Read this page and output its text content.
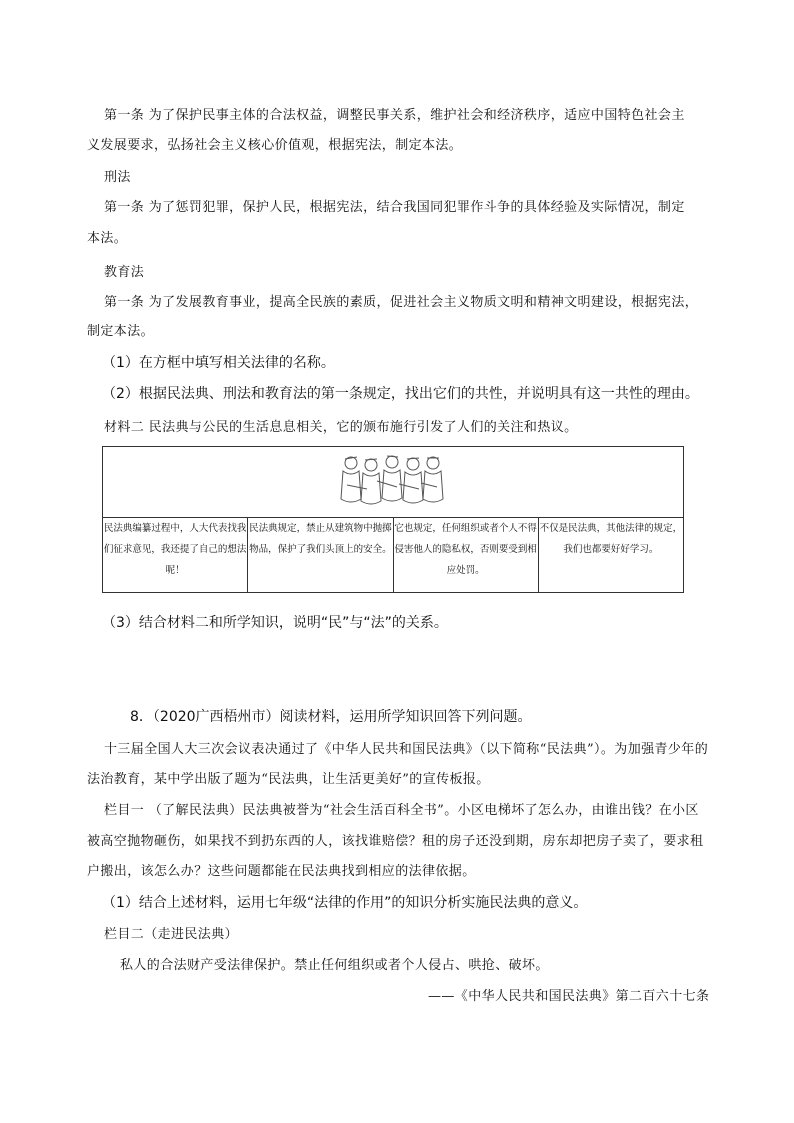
第一条 为了保护民事主体的合法权益，调整民事关系，维护社会和经济秩序，适应中国特色社会主
义发展要求，弘扬社会主义核心价值观，根据宪法，制定本法。
刑法
第一条 为了惩罚犯罪，保护人民，根据宪法，结合我国同犯罪作斗争的具体经验及实际情况，制定
本法。
教育法
第一条 为了发展教育事业，提高全民族的素质，促进社会主义物质文明和精神文明建设，根据宪法，
制定本法。
（1）在方框中填写相关法律的名称。
（2）根据民法典、刑法和教育法的第一条规定，找出它们的共性，并说明具有这一共性的理由。
材料二 民法典与公民的生活息息相关，它的颁布施行引发了人们的关注和热议。

民法典编纂过程中，人大代表找我们征求意见，我还提了自己的想法呢！	民法典规定，禁止从建筑物中抛掷物品，保护了我们头顶上的安全。	它也规定，任何组织或者个人不得侵害他人的隐私权，否则要受到相应处罚。	不仅是民法典，其他法律的规定，我们也都要好好学习。
（3）结合材料二和所学知识，说明“民”与“法”的关系。
8．（2020广西梧州市）阅读材料，运用所学知识回答下列问题。
十三届全国人大三次会议表决通过了《中华人民共和国民法典》（以下简称“民法典”）。为加强青少年的
法治教育，某中学出版了题为“民法典，让生活更美好”的宣传板报。
栏目一 （了解民法典）民法典被誉为“社会生活百科全书”。小区电梯坏了怎么办，由谁出钱？在小区
被高空抛物砸伤，如果找不到扔东西的人，该找谁赔偿？租的房子还没到期，房东却把房子卖了，要求租
户搬出，该怎么办？这些问题都能在民法典找到相应的法律依据。
（1）结合上述材料，运用七年级“法律的作用”的知识分析实施民法典的意义。
栏目二（走进民法典）
私人的合法财产受法律保护。禁止任何组织或者个人侵占、哄抢、破坏。
——《中华人民共和国民法典》第二百六十七条
